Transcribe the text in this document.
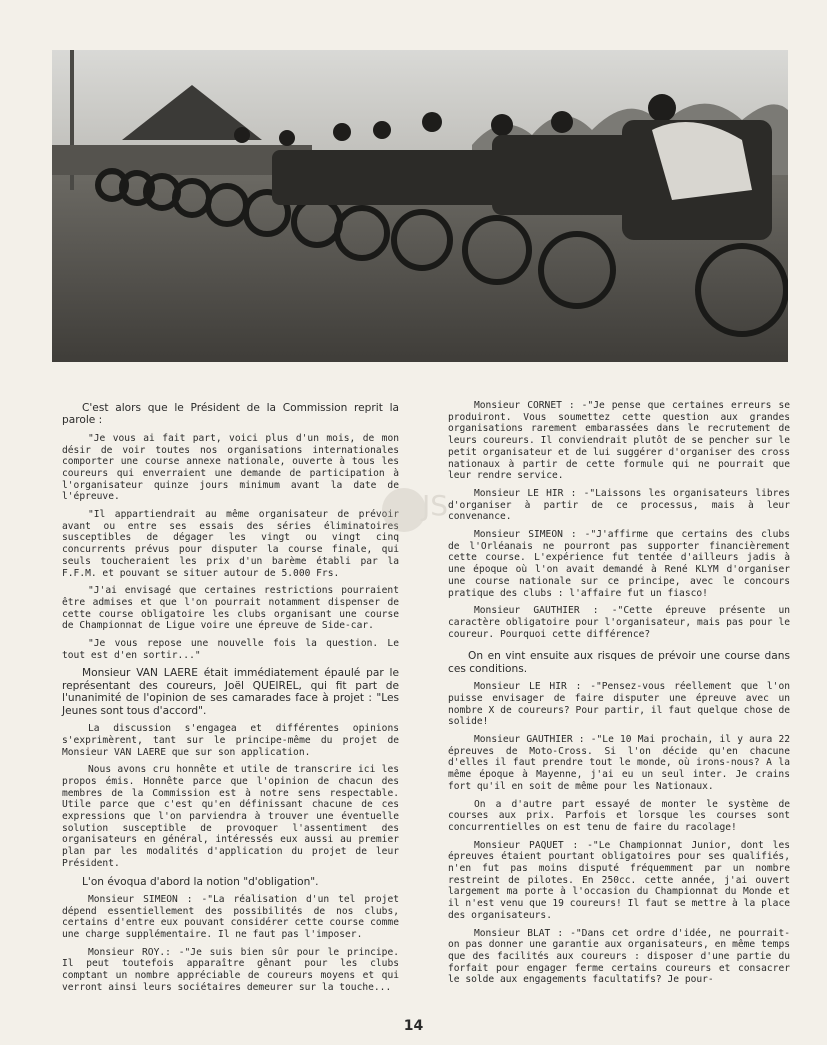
C'est alors que le Président de la Commission reprit la parole :

"Je vous ai fait part, voici plus d'un mois, de mon désir de voir toutes nos organisations internationales comporter une course annexe nationale, ouverte à tous les coureurs qui enverraient une demande de participation à l'organisateur quinze jours minimum avant la date de l'épreuve.

"Il appartiendrait au même organisateur de prévoir avant ou entre ses essais des séries éliminatoires susceptibles de dégager les vingt ou vingt cinq concurrents prévus pour disputer la course finale, qui seuls toucheraient les prix d'un barème établi par la F.F.M. et pouvant se situer autour de 5.000 Frs.

"J'ai envisagé que certaines restrictions pourraient être admises et que l'on pourrait notamment dispenser de cette course obligatoire les clubs organisant une course de Championnat de Ligue voire une épreuve de Side-car.

"Je vous repose une nouvelle fois la question. Le tout est d'en sortir..."

Monsieur VAN LAERE était immédiatement épaulé par le représentant des coureurs, Joël QUEIREL, qui fit part de l'unanimité de l'opinion de ses camarades face à projet : "Les Jeunes sont tous d'accord".

La discussion s'engagea et différentes opinions s'exprimèrent, tant sur le principe-même du projet de Monsieur VAN LAERE que sur son application.

Nous avons cru honnête et utile de transcrire ici les propos émis. Honnête parce que l'opinion de chacun des membres de la Commission est à notre sens respectable. Utile parce que c'est qu'en définissant chacune de ces expressions que l'on parviendra à trouver une éventuelle solution susceptible de provoquer l'assentiment des organisateurs en général, intéressés eux aussi au premier plan par les modalités d'application du projet de leur Président.

L'on évoqua d'abord la notion "d'obligation".

Monsieur SIMEON : -"La réalisation d'un tel projet dépend essentiellement des possibilités de nos clubs, certains d'entre eux pouvant considérer cette course comme une charge supplémentaire. Il ne faut pas l'imposer.

Monsieur ROY.: -"Je suis bien sûr pour le principe. Il peut toutefois apparaître gênant pour les clubs comptant un nombre appréciable de coureurs moyens et qui verront ainsi leurs sociétaires demeurer sur la touche...

Monsieur CORNET : -"Je pense que certaines erreurs se produiront. Vous soumettez cette question aux grandes organisations rarement embarassées dans le recrutement de leurs coureurs. Il conviendrait plutôt de se pencher sur le petit organisateur et de lui suggérer d'organiser des cross nationaux à partir de cette formule qui ne pourrait que leur rendre service.

Monsieur LE HIR : -"Laissons les organisateurs libres d'organiser à partir de ce processus, mais à leur convenance.

Monsieur SIMEON : -"J'affirme que certains des clubs de l'Orléanais ne pourront pas supporter financièrement cette course. L'expérience fut tentée d'ailleurs jadis à une époque où l'on avait demandé à René KLYM d'organiser une course nationale sur ce principe, avec le concours pratique des clubs : l'affaire fut un fiasco!

Monsieur GAUTHIER : -"Cette épreuve présente un caractère obligatoire pour l'organisateur, mais pas pour le coureur. Pourquoi cette différence?

On en vint ensuite aux risques de prévoir une course dans ces conditions.

Monsieur LE HIR : -"Pensez-vous réellement que l'on puisse envisager de faire disputer une épreuve avec un nombre X de coureurs? Pour partir, il faut quelque chose de solide!

Monsieur GAUTHIER : -"Le 10 Mai prochain, il y aura 22 épreuves de Moto-Cross. Si l'on décide qu'en chacune d'elles il faut prendre tout le monde, où irons-nous? A la même époque à Mayenne, j'ai eu un seul inter. Je crains fort qu'il en soit de même pour les Nationaux.

On a d'autre part essayé de monter le système de courses aux prix. Parfois et lorsque les courses sont concurrentielles on est tenu de faire du racolage!

Monsieur PAQUET : -"Le Championnat Junior, dont les épreuves étaient pourtant obligatoires pour ses qualifiés, n'en fut pas moins disputé fréquemment par un nombre restreint de pilotes. En 250cc. cette année, j'ai ouvert largement ma porte à l'occasion du Championnat du Monde et il n'est venu que 19 coureurs! Il faut se mettre à la place des organisateurs.

Monsieur BLAT : -"Dans cet ordre d'idée, ne pourrait-on pas donner une garantie aux organisateurs, en même temps que des facilités aux coureurs : disposer d'une partie du forfait pour engager ferme certains coureurs et consacrer le solde aux engagements facultatifs? Je pour-

JS
14
